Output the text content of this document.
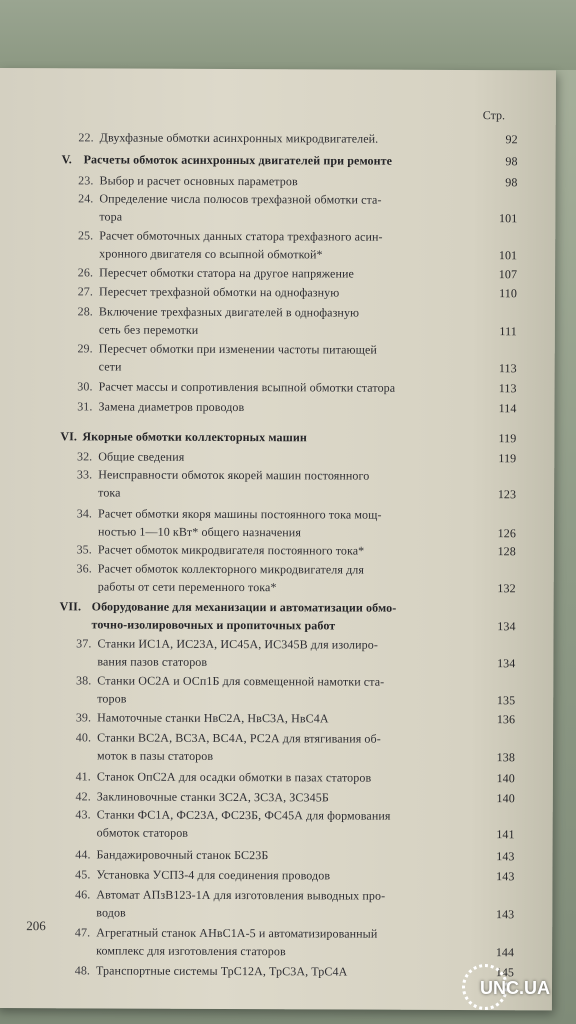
Стр.
22. Двухфазные обмотки асинхронных микродвигателей.	92
V. Расчеты обмоток асинхронных двигателей при ремонте	98
23. Выбор и расчет основных параметров	98
24. Определение числа полюсов трехфазной обмотки ста-
тора	101
25. Расчет обмоточных данных статора трехфазного асин-
хронного двигателя со всыпной обмоткой*	101
26. Пересчет обмотки статора на другое напряжение	107
27. Пересчет трехфазной обмотки на однофазную	110
28. Включение трехфазных двигателей в однофазную
сеть без перемотки	111
29. Пересчет обмотки при изменении частоты питающей
сети	113
30. Расчет массы и сопротивления всыпной обмотки статора	113
31. Замена диаметров проводов	114
VI. Якорные обмотки коллекторных машин	119
32. Общие сведения	119
33. Неисправности обмоток якорей машин постоянного
тока	123
34. Расчет обмотки якоря машины постоянного тока мощ-
ностью 1—10 кВт* общего назначения	126
35. Расчет обмоток микродвигателя постоянного тока*	128
36. Расчет обмоток коллекторного микродвигателя для
работы от сети переменного тока*	132
VII. Оборудование для механизации и автоматизации обмо-
точно-изолировочных и пропиточных работ	134
37. Станки ИС1А, ИС23А, ИС45А, ИС345В для изолиро-
вания пазов статоров	134
38. Станки ОС2А и ОСп1Б для совмещенной намотки ста-
торов	135
39. Намоточные станки НвС2А, НвС3А, НвС4А	136
40. Станки ВС2А, ВС3А, ВС4А, РС2А для втягивания об-
моток в пазы статоров	138
41. Станок ОпС2А для осадки обмотки в пазах статоров	140
42. Заклиновочные станки ЗС2А, ЗС3А, ЗС345Б	140
43. Станки ФС1А, ФС23А, ФС23Б, ФС45А для формования
обмоток статоров	141
44. Бандажировочный станок БС23Б	143
45. Установка УСПЗ-4 для соединения проводов	143
46. Автомат АПзВ123-1А для изготовления выводных про-
водов	143
47. Агрегатный станок АНвС1А-5 и автоматизированный
комплекс для изготовления статоров	144
48. Транспортные системы ТрС12А, ТрС3А, ТрС4А	145
206
UNC.UA
